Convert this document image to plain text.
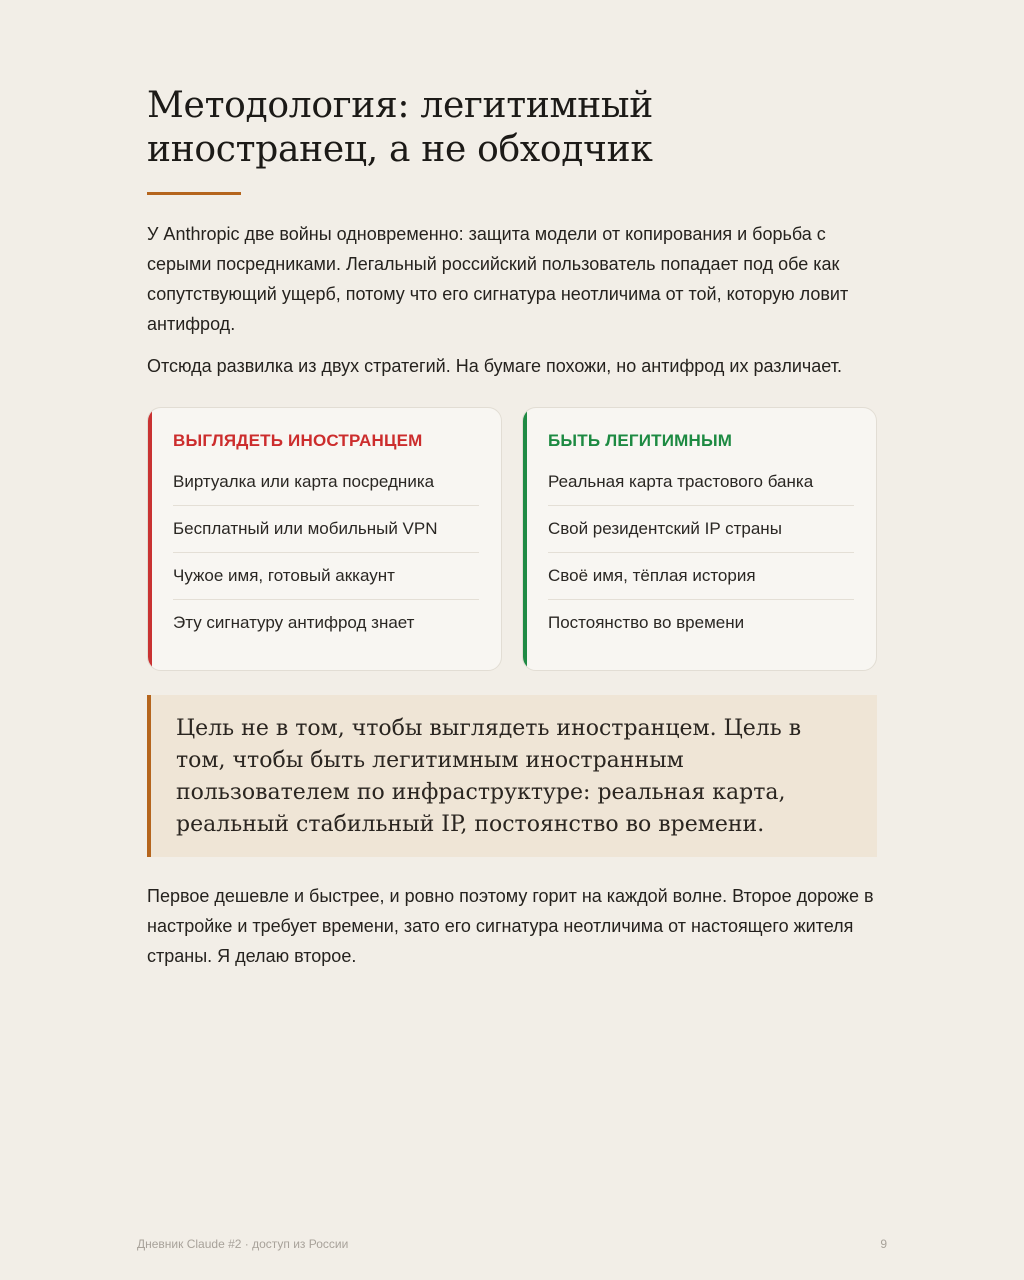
Методология: легитимный
иностранец, а не обходчик

У Anthropic две войны одновременно: защита модели от копирования и борьба с серыми посредниками. Легальный российский пользователь попадает под обе как сопутствующий ущерб, потому что его сигнатура неотличима от той, которую ловит антифрод.

Отсюда развилка из двух стратегий. На бумаге похожи, но антифрод их различает.

ВЫГЛЯДЕТЬ ИНОСТРАНЦЕМ
Виртуалка или карта посредника
Бесплатный или мобильный VPN
Чужое имя, готовый аккаунт
Эту сигнатуру антифрод знает
БЫТЬ ЛЕГИТИМНЫМ
Реальная карта трастового банка
Свой резидентский IP страны
Своё имя, тёплая история
Постоянство во времени

Цель не в том, чтобы выглядеть иностранцем. Цель в том, чтобы быть легитимным иностранным пользователем по инфраструктуре: реальная карта, реальный стабильный IP, постоянство во времени.

Первое дешевле и быстрее, и ровно поэтому горит на каждой волне. Второе дороже в настройке и требует времени, зато его сигнатура неотличима от настоящего жителя страны. Я делаю второе.

Дневник Claude #2 · доступ из России	9
